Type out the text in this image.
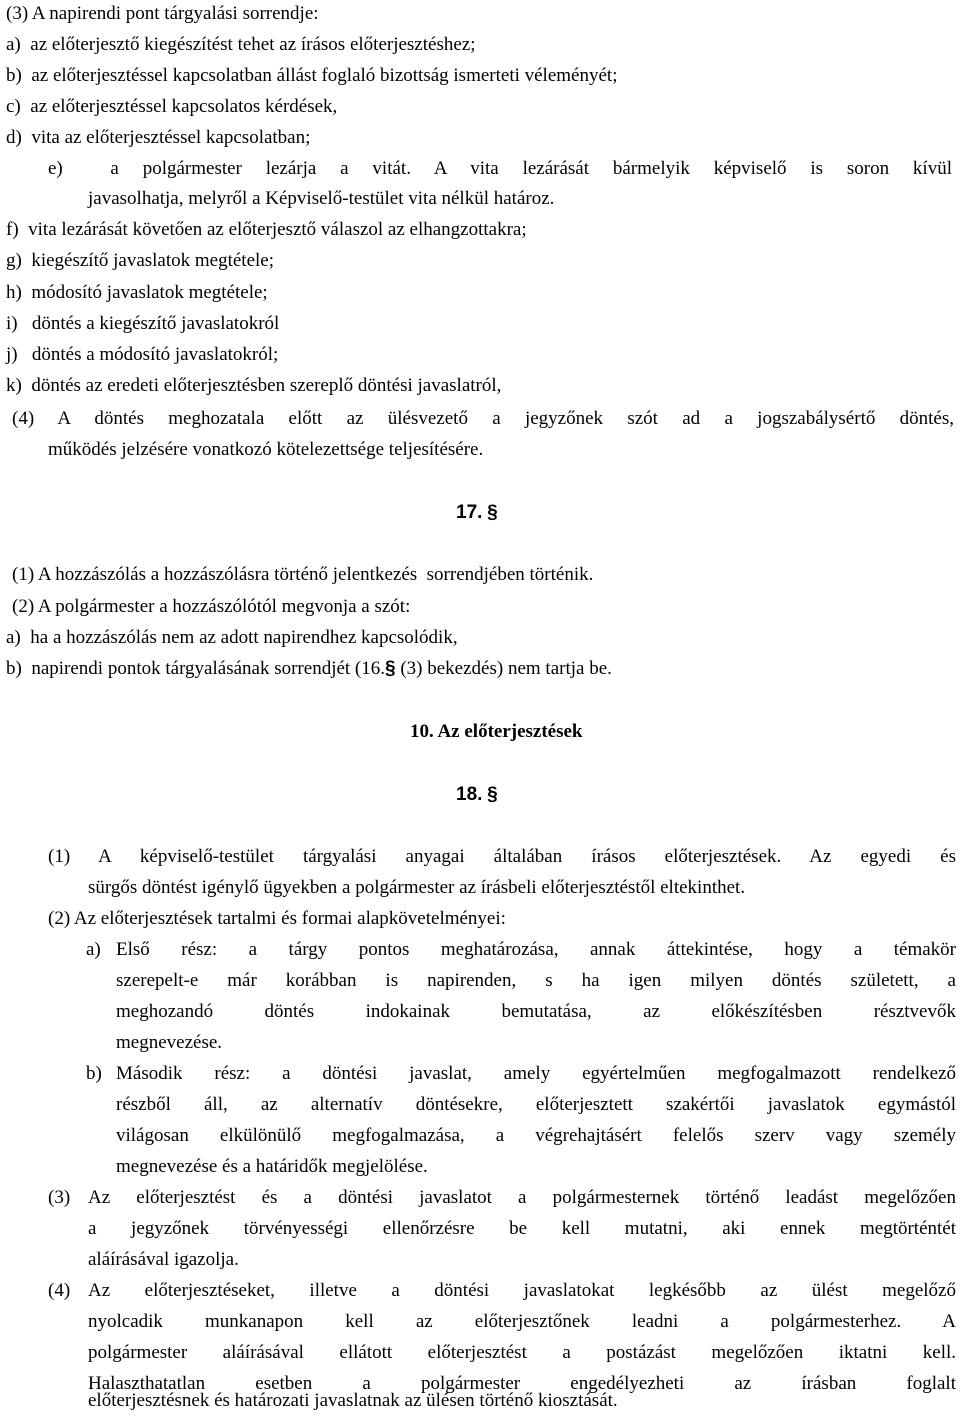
(3) A napirendi pont tárgyalási sorrendje:
a)  az előterjesztő kiegészítést tehet az írásos előterjesztéshez;
b)  az előterjesztéssel kapcsolatban állást foglaló bizottság ismerteti véleményét;
c)  az előterjesztéssel kapcsolatos kérdések,
d)  vita az előterjesztéssel kapcsolatban;
e)  a polgármester lezárja a vitát. A vita lezárását bármelyik képviselő is soron kívül
javasolhatja, melyről a Képviselő-testület vita nélkül határoz.
f)  vita lezárását követően az előterjesztő válaszol az elhangzottakra;
g)  kiegészítő javaslatok megtétele;
h)  módosító javaslatok megtétele;
i)   döntés a kiegészítő javaslatokról
j)   döntés a módosító javaslatokról;
k)  döntés az eredeti előterjesztésben szereplő döntési javaslatról,
(4) A döntés meghozatala előtt az ülésvezető a jegyzőnek szót ad a jogszabálysértő döntés,
működés jelzésére vonatkozó kötelezettsége teljesítésére.
17. §
(1) A hozzászólás a hozzászólásra történő jelentkezés  sorrendjében történik.
(2) A polgármester a hozzászólótól megvonja a szót:
a)  ha a hozzászólás nem az adott napirendhez kapcsolódik,
b)  napirendi pontok tárgyalásának sorrendjét (16.§ (3) bekezdés) nem tartja be.
10. Az előterjesztések
18. §
(1) A képviselő-testület tárgyalási anyagai általában írásos előterjesztések. Az egyedi és
sürgős döntést igénylő ügyekben a polgármester az írásbeli előterjesztéstől eltekinthet.
(2) Az előterjesztések tartalmi és formai alapkövetelményei:
a) Első rész: a tárgy pontos meghatározása, annak áttekintése, hogy a témakör
szerepelt-e már korábban is napirenden, s ha igen milyen döntés született, a
meghozandó döntés indokainak bemutatása, az előkészítésben résztvevők
megnevezése.
b) Második rész: a döntési javaslat, amely egyértelműen megfogalmazott rendelkező
részből áll, az alternatív döntésekre, előterjesztett szakértői javaslatok egymástól
világosan elkülönülő megfogalmazása, a végrehajtásért felelős szerv vagy személy
megnevezése és a határidők megjelölése.
(3) Az előterjesztést és a döntési javaslatot a polgármesternek történő leadást megelőzően
a jegyzőnek törvényességi ellenőrzésre be kell mutatni, aki ennek megtörténtét
aláírásával igazolja.
(4) Az előterjesztéseket, illetve a döntési javaslatokat legkésőbb az ülést megelőző
nyolcadik munkanapon kell az előterjesztőnek leadni a polgármesterhez. A
polgármester aláírásával ellátott előterjesztést a postázást megelőzően iktatni kell.
Halaszthatatlan esetben a polgármester engedélyezheti az írásban foglalt
előterjesztésnek és határozati javaslatnak az ülésen történő kiosztását.
